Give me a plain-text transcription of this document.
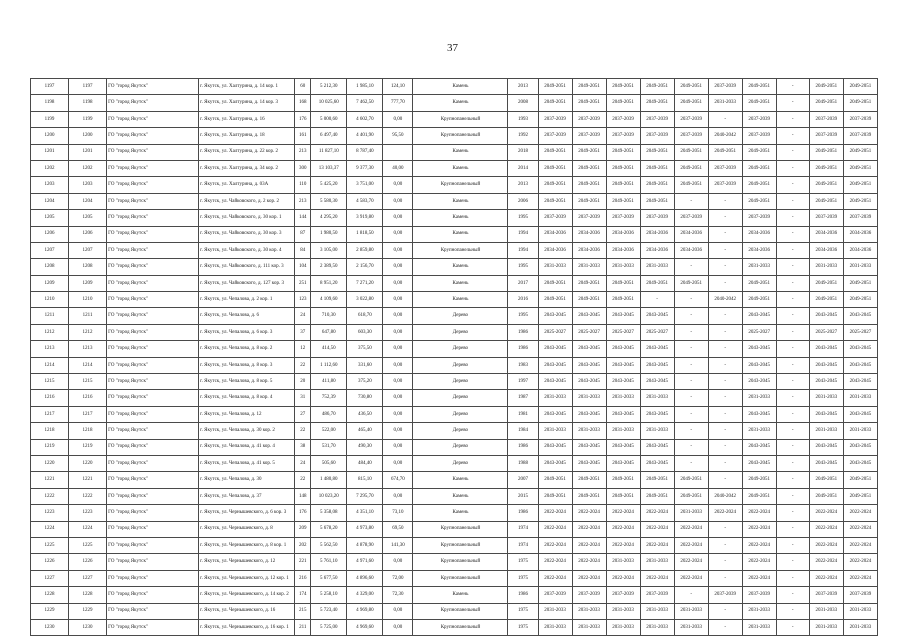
37
1197	1197	ГО "город Якутск"	г. Якутск, ул. Халтурина, д. 14 кор. 1	60	5 212,30	1 985,10	124,10	Камень	2013	2049-2051	2049-2051	2049-2051	2049-2051	2049-2051	2037-2039	2049-2051	-	2049-2051	2049-2051
1198	1198	ГО "город Якутск"	г. Якутск, ул. Халтурина, д. 14 кор. 3	168	10 025,60	7 462,50	777,70	Камень	2008	2049-2051	2049-2051	2049-2051	2049-2051	2049-2051	2031-2033	2049-2051	-	2049-2051	2049-2051
1199	1199	ГО "город Якутск"	г. Якутск, ул. Халтурина, д. 16	176	5 000,60	4 602,70	0,00	Крупнопанельный	1993	2037-2039	2037-2039	2037-2039	2037-2039	2037-2039	-	2037-2039	-	2037-2039	2037-2039
1200	1200	ГО "город Якутск"	г. Якутск, ул. Халтурина, д. 18	161	6 497,40	4 401,90	95,50	Крупнопанельный	1992	2037-2039	2037-2039	2037-2039	2037-2039	2037-2039	2040-2042	2037-2039	-	2037-2039	2037-2039
1201	1201	ГО "город Якутск"	г. Якутск, ул. Халтурина, д. 22 кор. 2	213	11 827,10	8 787,40		Камень	2018	2049-2051	2049-2051	2049-2051	2049-2051	2049-2051	2049-2051	2049-2051	-	2049-2051	2049-2051
1202	1202	ГО "город Якутск"	г. Якутск, ул. Халтурина, д. 34 кор. 2	300	13 103,37	9 377,30	40,00	Камень	2014	2049-2051	2049-2051	2049-2051	2049-2051	2049-2051	2037-2039	2049-2051	-	2049-2051	2049-2051
1203	1203	ГО "город Якутск"	г. Якутск, ул. Халтурина, д. 03А	110	5 425,20	3 751,00	0,00	Крупнопанельный	2013	2049-2051	2049-2051	2049-2051	2049-2051	2049-2051	2037-2039	2049-2051	-	2049-2051	2049-2051
1204	1204	ГО "город Якутск"	г. Якутск, ул. Чайковского, д. 2 кор. 2	213	5 580,30	4 583,70	0,00	Камень	2006	2049-2051	2049-2051	2049-2051	2049-2051	-	-	2049-2051	-	2049-2051	2049-2051
1205	1205	ГО "город Якутск"	г. Якутск, ул. Чайковского, д. 30 кор. 1	144	4 295,20	3 919,80	0,00	Камень	1995	2037-2039	2037-2039	2037-2039	2037-2039	2037-2039	-	2037-2039	-	2037-2039	2037-2039
1206	1206	ГО "город Якутск"	г. Якутск, ул. Чайковского, д. 30 кор. 3	87	1 980,50	1 818,50	0,00	Камень	1994	2034-2036	2034-2036	2034-2036	2034-2036	2034-2036	-	2034-2036	-	2034-2036	2034-2036
1207	1207	ГО "город Якутск"	г. Якутск, ул. Чайковского, д. 30 кор. 4	84	3 105,00	2 859,80	0,00	Крупнопанельный	1994	2034-2036	2034-2036	2034-2036	2034-2036	2034-2036	-	2034-2036	-	2034-2036	2034-2036
1208	1208	ГО "город Якутск"	г. Якутск, ул. Чайковского, д. 111 кор. 3	104	2 389,50	2 156,70	0,00	Камень	1995	2031-2033	2031-2033	2031-2033	2031-2033	-	-	2031-2033	-	2031-2033	2031-2033
1209	1209	ГО "город Якутск"	г. Якутск, ул. Чайковского, д. 127 кор. 3	251	8 951,20	7 271,20	0,00	Камень	2017	2049-2051	2049-2051	2049-2051	2049-2051	2049-2051	-	2049-2051	-	2049-2051	2049-2051
1210	1210	ГО "город Якутск"	г. Якутск, ул. Чепалова, д. 2 кор. 1	123	4 109,60	3 022,80	0,00	Камень	2016	2049-2051	2049-2051	2049-2051	-	-	2040-2042	2049-2051	-	2049-2051	2049-2051
1211	1211	ГО "город Якутск"	г. Якутск, ул. Чепалова, д. 6	24	710,30	618,70	0,00	Дерево	1995	2043-2045	2043-2045	2043-2045	2043-2045	-	-	2043-2045	-	2043-2045	2043-2045
1212	1212	ГО "город Якутск"	г. Якутск, ул. Чепалова, д. 6 кор. 3	37	647,80	603,30	0,00	Дерево	1986	2025-2027	2025-2027	2025-2027	2025-2027	-	-	2025-2027	-	2025-2027	2025-2027
1213	1213	ГО "город Якутск"	г. Якутск, ул. Чепалова, д. 8 кор. 2	12	414,50	375,50	0,00	Дерево	1986	2043-2045	2043-2045	2043-2045	2043-2045	-	-	2043-2045	-	2043-2045	2043-2045
1214	1214	ГО "город Якутск"	г. Якутск, ул. Чепалова, д. 8 кор. 3	22	1 112,60	331,60	0,00	Дерево	1983	2043-2045	2043-2045	2043-2045	2043-2045	-	-	2043-2045	-	2043-2045	2043-2045
1215	1215	ГО "город Якутск"	г. Якутск, ул. Чепалова, д. 8 кор. 5	20	411,80	375,20	0,00	Дерево	1997	2043-2045	2043-2045	2043-2045	2043-2045	-	-	2043-2045	-	2043-2045	2043-2045
1216	1216	ГО "город Якутск"	г. Якутск, ул. Чепалова, д. 8 кор. 4	31	752,39	730,80	0,00	Дерево	1987	2031-2033	2031-2033	2031-2033	2031-2033	-	-	2031-2033	-	2031-2033	2031-2033
1217	1217	ГО "город Якутск"	г. Якутск, ул. Чепалова, д. 12	27	486,70	436,50	0,00	Дерево	1981	2043-2045	2043-2045	2043-2045	2043-2045	-	-	2043-2045	-	2043-2045	2043-2045
1218	1218	ГО "город Якутск"	г. Якутск, ул. Чепалова, д. 30 кор. 2	22	522,00	465,40	0,00	Дерево	1984	2031-2033	2031-2033	2031-2033	2031-2033	-	-	2031-2033	-	2031-2033	2031-2033
1219	1219	ГО "город Якутск"	г. Якутск, ул. Чепалова, д. 41 кор. 4	38	531,70	490,30	0,00	Дерево	1986	2043-2045	2043-2045	2043-2045	2043-2045	-	-	2043-2045	-	2043-2045	2043-2045
1220	1220	ГО "город Якутск"	г. Якутск, ул. Чепалова, д. 41 кор. 5	24	505,60	484,40	0,00	Дерево	1988	2043-2045	2043-2045	2043-2045	2043-2045	-	-	2043-2045	-	2043-2045	2043-2045
1221	1221	ГО "город Якутск"	г. Якутск, ул. Чепалова, д. 30	22	1 480,80	815,10	674,70	Камень	2007	2049-2051	2049-2051	2049-2051	2049-2051	2049-2051	-	2049-2051	-	2049-2051	2049-2051
1222	1222	ГО "город Якутск"	г. Якутск, ул. Чепалова, д. 37	148	10 023,20	7 295,70	0,00	Камень	2015	2049-2051	2049-2051	2049-2051	2049-2051	2049-2051	2040-2042	2049-2051	-	2049-2051	2049-2051
1223	1223	ГО "город Якутск"	г. Якутск, ул. Чернышевского, д. 6 кор. 3	176	5 358,08	4 351,10	73,10	Камень	1986	2022-2024	2022-2024	2022-2024	2022-2024	2031-2033	2022-2024	2022-2024	-	2022-2024	2022-2024
1224	1224	ГО "город Якутск"	г. Якутск, ул. Чернышевского, д. 8	209	5 678,20	4 973,80	69,50	Крупнопанельный	1974	2022-2024	2022-2024	2022-2024	2022-2024	2022-2024	-	2022-2024	-	2022-2024	2022-2024
1225	1225	ГО "город Якутск"	г. Якутск, ул. Чернышевского, д. 8 кор. 1	202	5 562,50	4 878,90	141,30	Крупнопанельный	1974	2022-2024	2022-2024	2022-2024	2022-2024	2022-2024	-	2022-2024	-	2022-2024	2022-2024
1226	1226	ГО "город Якутск"	г. Якутск, ул. Чернышевского, д. 12	221	5 761,10	4 971,60	0,00	Крупнопанельный	1975	2022-2024	2022-2024	2031-2033	2031-2033	2022-2024	-	2022-2024	-	2022-2024	2022-2024
1227	1227	ГО "город Якутск"	г. Якутск, ул. Чернышевского, д. 12 кор. 1	216	5 677,50	4 896,60	72,00	Крупнопанельный	1975	2022-2024	2022-2024	2022-2024	2022-2024	2022-2024	-	2022-2024	-	2022-2024	2022-2024
1228	1228	ГО "город Якутск"	г. Якутск, ул. Чернышевского, д. 14 кор. 2	174	5 258,10	4 329,00	72,30	Камень	1986	2037-2039	2037-2039	2037-2039	2037-2039	-	2037-2039	2037-2039	-	2037-2039	2037-2039
1229	1229	ГО "город Якутск"	г. Якутск, ул. Чернышевского, д. 16	215	5 723,40	4 969,80	0,00	Крупнопанельный	1975	2031-2033	2031-2033	2031-2033	2031-2033	2031-2033	-	2031-2033	-	2031-2033	2031-2033
1230	1230	ГО "город Якутск"	г. Якутск, ул. Чернышевского, д. 16 кор. 1	211	5 725,00	4 969,60	0,00	Крупнопанельный	1975	2031-2033	2031-2033	2031-2033	2031-2033	2031-2033	-	2031-2033	-	2031-2033	2031-2033
